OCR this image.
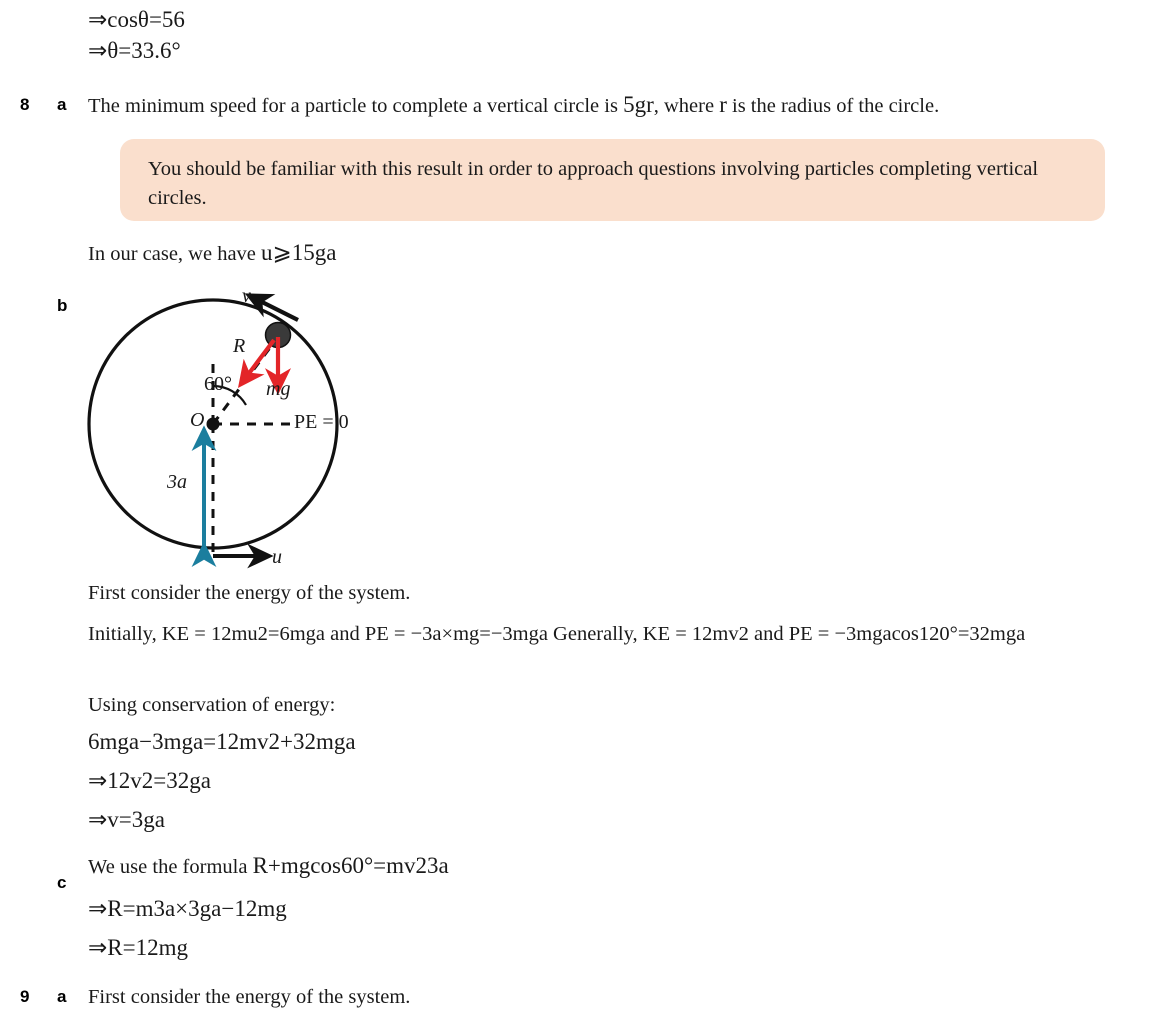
⇒cosθ=56
⇒θ=33.6°
8 a The minimum speed for a particle to complete a vertical circle is 5gr, where r is the radius of the circle.

You should be familiar with this result in order to approach questions involving particles completing vertical circles.

In our case, we have u⩾15ga
b	v
R
mg
60°
O	PE = 0
3a
u
First consider the energy of the system.
Initially, KE = 12mu2=6mga and PE = −3a×mg=−3mga Generally, KE = 12mv2 and PE = −3mgacos120°=32mga
Using conservation of energy:
6mga−3mga=12mv2+32mga
⇒12v2=32ga
⇒v=3ga
c
We use the formula R+mgcos60°=mv23a
⇒R=m3a×3ga−12mg
⇒R=12mg
9 a First consider the energy of the system.
